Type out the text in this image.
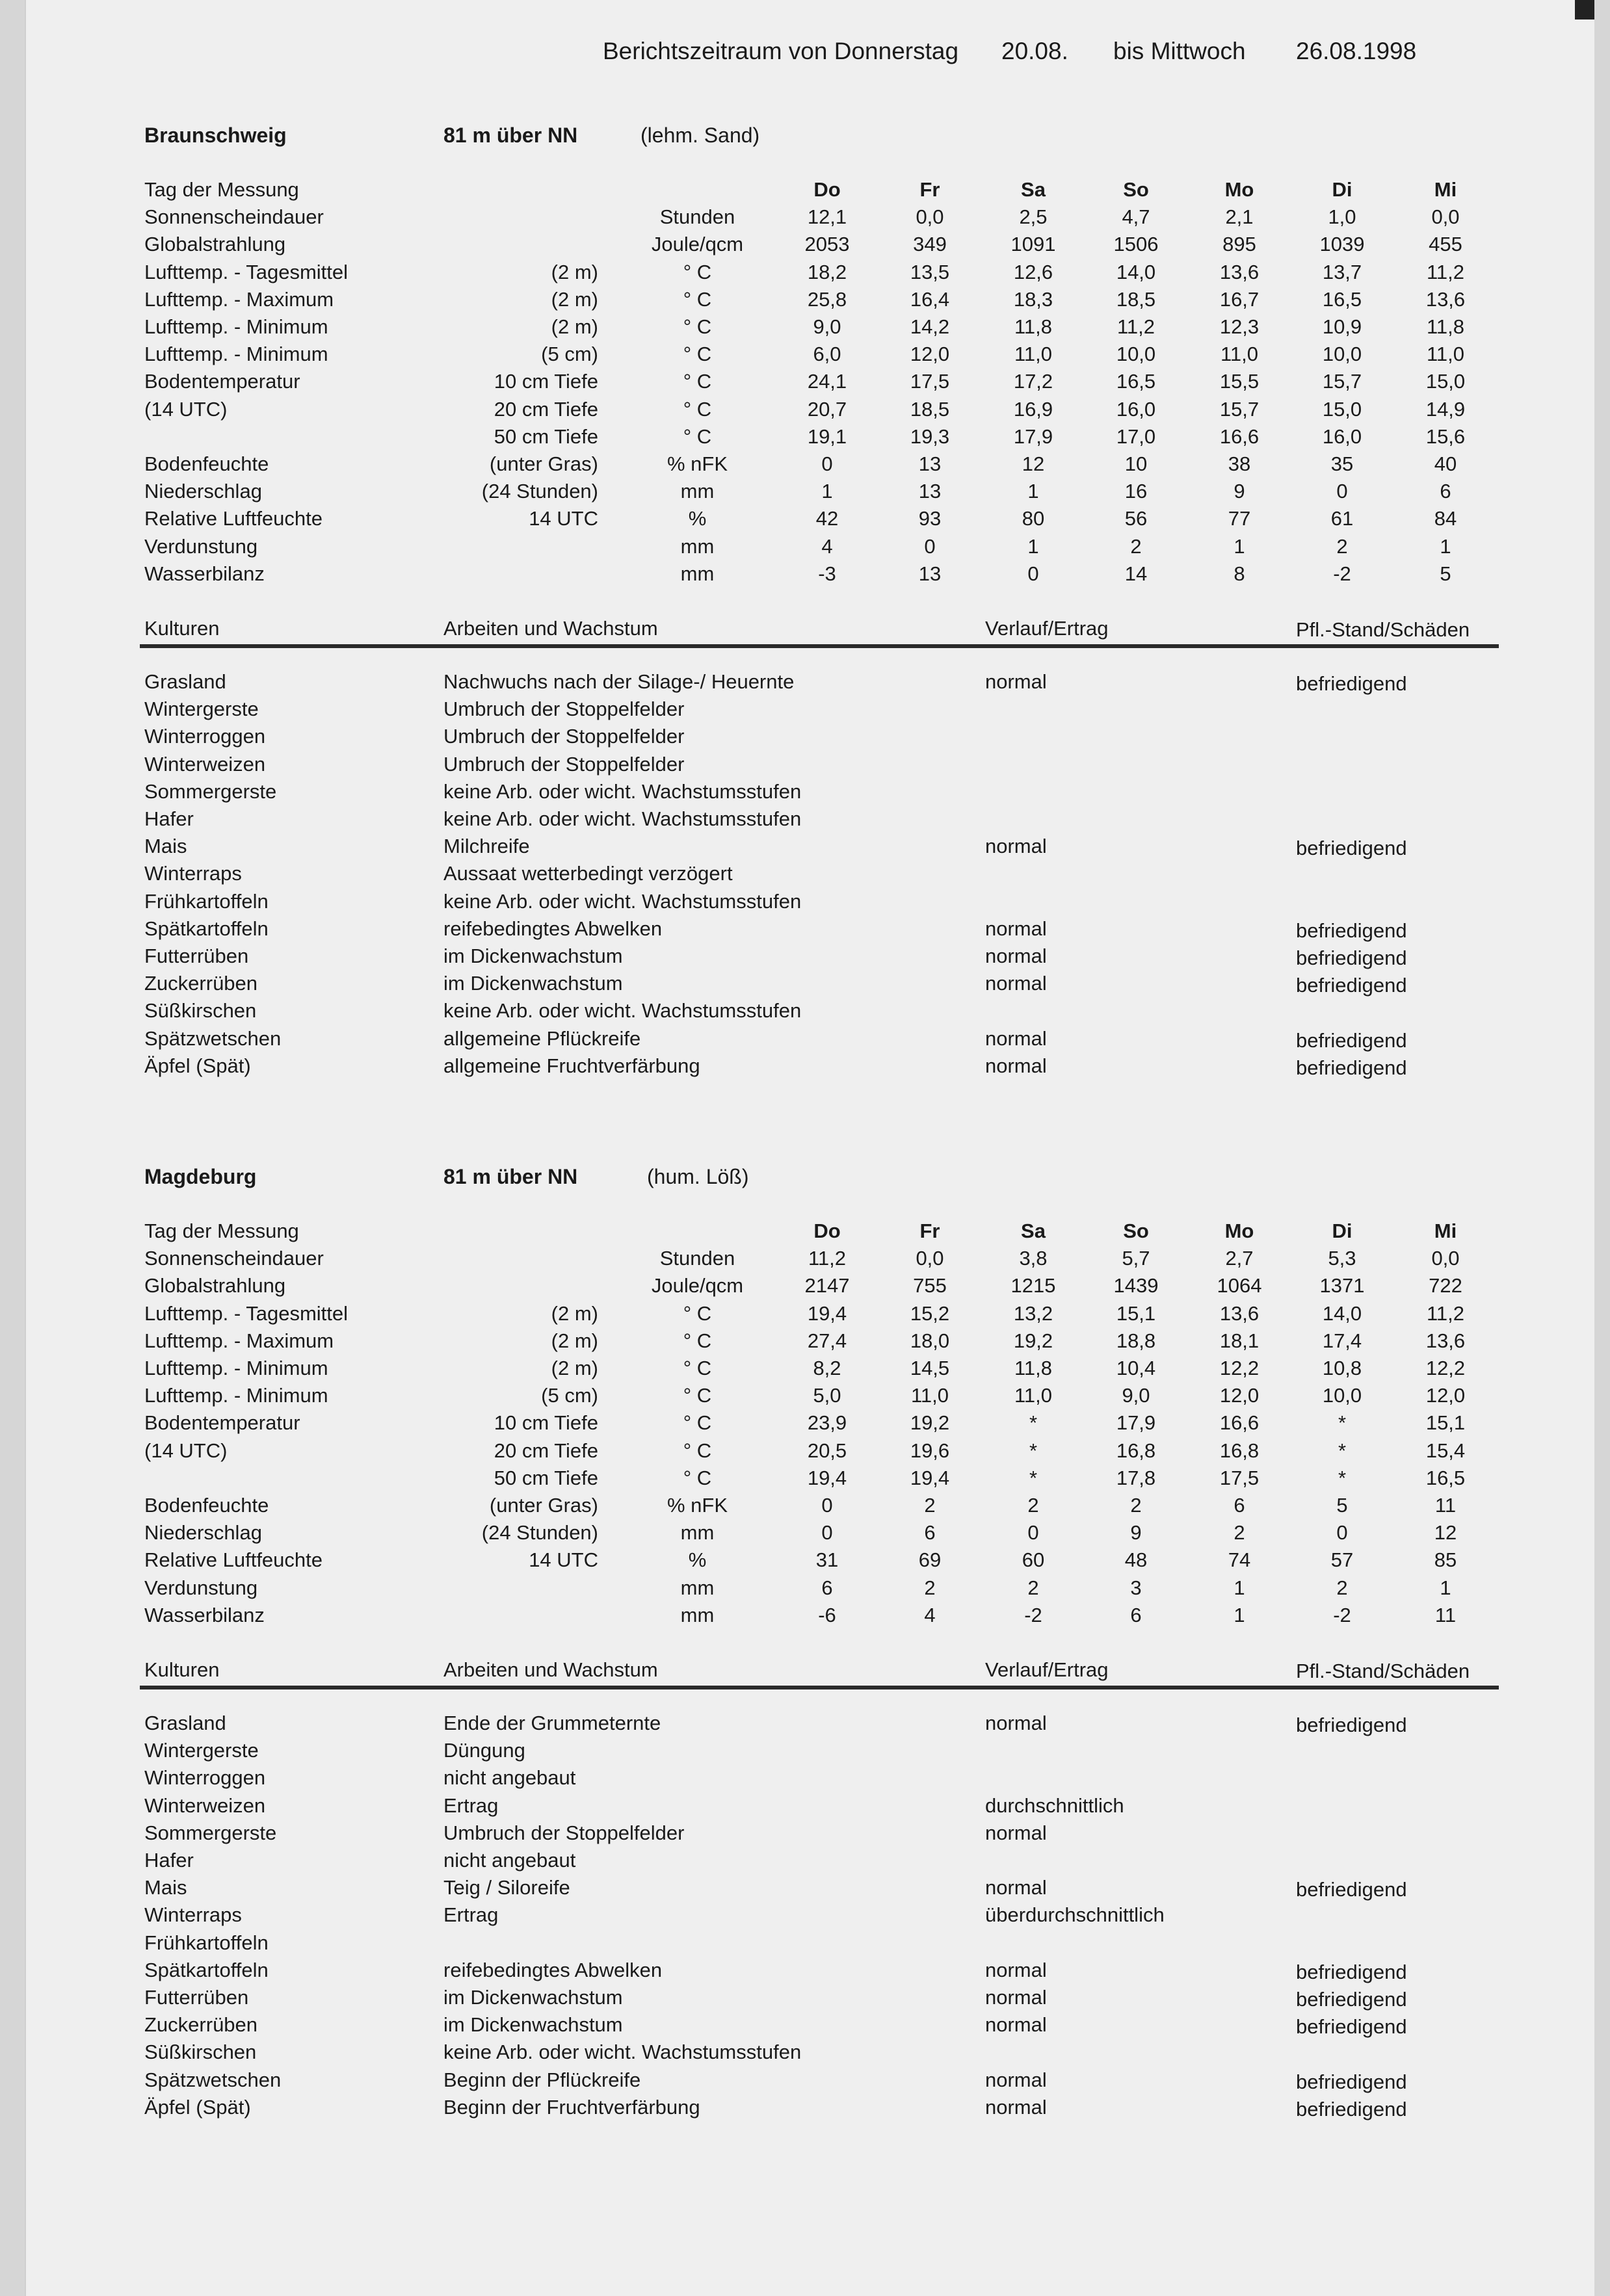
Berichtszeitraum von Donnerstag 20.08. bis Mittwoch 26.08.1998
Braunschweig	81 m über NN	(lehm. Sand)
Tag der Messung	Do	Fr	Sa	So	Mo	Di	Mi
Sonnenscheindauer	Stunden	12,1	0,0	2,5	4,7	2,1	1,0	0,0
Globalstrahlung	Joule/qcm	2053	349	1091	1506	895	1039	455
Lufttemp. - Tagesmittel	(2 m)	° C	18,2	13,5	12,6	14,0	13,6	13,7	11,2
Lufttemp. - Maximum	(2 m)	° C	25,8	16,4	18,3	18,5	16,7	16,5	13,6
Lufttemp. - Minimum	(2 m)	° C	9,0	14,2	11,8	11,2	12,3	10,9	11,8
Lufttemp. - Minimum	(5 cm)	° C	6,0	12,0	11,0	10,0	11,0	10,0	11,0
Bodentemperatur	10 cm Tiefe	° C	24,1	17,5	17,2	16,5	15,5	15,7	15,0
(14 UTC)	20 cm Tiefe	° C	20,7	18,5	16,9	16,0	15,7	15,0	14,9
50 cm Tiefe	° C	19,1	19,3	17,9	17,0	16,6	16,0	15,6
Bodenfeuchte	(unter Gras)	% nFK	0	13	12	10	38	35	40
Niederschlag	(24 Stunden)	mm	1	13	1	16	9	0	6
Relative Luftfeuchte	14 UTC	%	42	93	80	56	77	61	84
Verdunstung	mm	4	0	1	2	1	2	1
Wasserbilanz	mm	-3	13	0	14	8	-2	5
Kulturen	Arbeiten und Wachstum	Verlauf/Ertrag	Pfl.-Stand/Schäden
Grasland	Nachwuchs nach der Silage-/ Heuernte	normal	befriedigend
Wintergerste	Umbruch der Stoppelfelder
Winterroggen	Umbruch der Stoppelfelder
Winterweizen	Umbruch der Stoppelfelder
Sommergerste	keine Arb. oder wicht. Wachstumsstufen
Hafer	keine Arb. oder wicht. Wachstumsstufen
Mais	Milchreife	normal	befriedigend
Winterraps	Aussaat wetterbedingt verzögert
Frühkartoffeln	keine Arb. oder wicht. Wachstumsstufen
Spätkartoffeln	reifebedingtes Abwelken	normal	befriedigend
Futterrüben	im Dickenwachstum	normal	befriedigend
Zuckerrüben	im Dickenwachstum	normal	befriedigend
Süßkirschen	keine Arb. oder wicht. Wachstumsstufen
Spätzwetschen	allgemeine Pflückreife	normal	befriedigend
Äpfel (Spät)	allgemeine Fruchtverfärbung	normal	befriedigend
Magdeburg	81 m über NN	(hum. Löß)
Tag der Messung	Do	Fr	Sa	So	Mo	Di	Mi
Sonnenscheindauer	Stunden	11,2	0,0	3,8	5,7	2,7	5,3	0,0
Globalstrahlung	Joule/qcm	2147	755	1215	1439	1064	1371	722
Lufttemp. - Tagesmittel	(2 m)	° C	19,4	15,2	13,2	15,1	13,6	14,0	11,2
Lufttemp. - Maximum	(2 m)	° C	27,4	18,0	19,2	18,8	18,1	17,4	13,6
Lufttemp. - Minimum	(2 m)	° C	8,2	14,5	11,8	10,4	12,2	10,8	12,2
Lufttemp. - Minimum	(5 cm)	° C	5,0	11,0	11,0	9,0	12,0	10,0	12,0
Bodentemperatur	10 cm Tiefe	° C	23,9	19,2	*	17,9	16,6	*	15,1
(14 UTC)	20 cm Tiefe	° C	20,5	19,6	*	16,8	16,8	*	15,4
50 cm Tiefe	° C	19,4	19,4	*	17,8	17,5	*	16,5
Bodenfeuchte	(unter Gras)	% nFK	0	2	2	2	6	5	11
Niederschlag	(24 Stunden)	mm	0	6	0	9	2	0	12
Relative Luftfeuchte	14 UTC	%	31	69	60	48	74	57	85
Verdunstung	mm	6	2	2	3	1	2	1
Wasserbilanz	mm	-6	4	-2	6	1	-2	11
Kulturen	Arbeiten und Wachstum	Verlauf/Ertrag	Pfl.-Stand/Schäden
Grasland	Ende der Grummeternte	normal	befriedigend
Wintergerste	Düngung
Winterroggen	nicht angebaut
Winterweizen	Ertrag	durchschnittlich
Sommergerste	Umbruch der Stoppelfelder	normal
Hafer	nicht angebaut
Mais	Teig / Siloreife	normal	befriedigend
Winterraps	Ertrag	überdurchschnittlich
Frühkartoffeln
Spätkartoffeln	reifebedingtes Abwelken	normal	befriedigend
Futterrüben	im Dickenwachstum	normal	befriedigend
Zuckerrüben	im Dickenwachstum	normal	befriedigend
Süßkirschen	keine Arb. oder wicht. Wachstumsstufen
Spätzwetschen	Beginn der Pflückreife	normal	befriedigend
Äpfel (Spät)	Beginn der Fruchtverfärbung	normal	befriedigend
